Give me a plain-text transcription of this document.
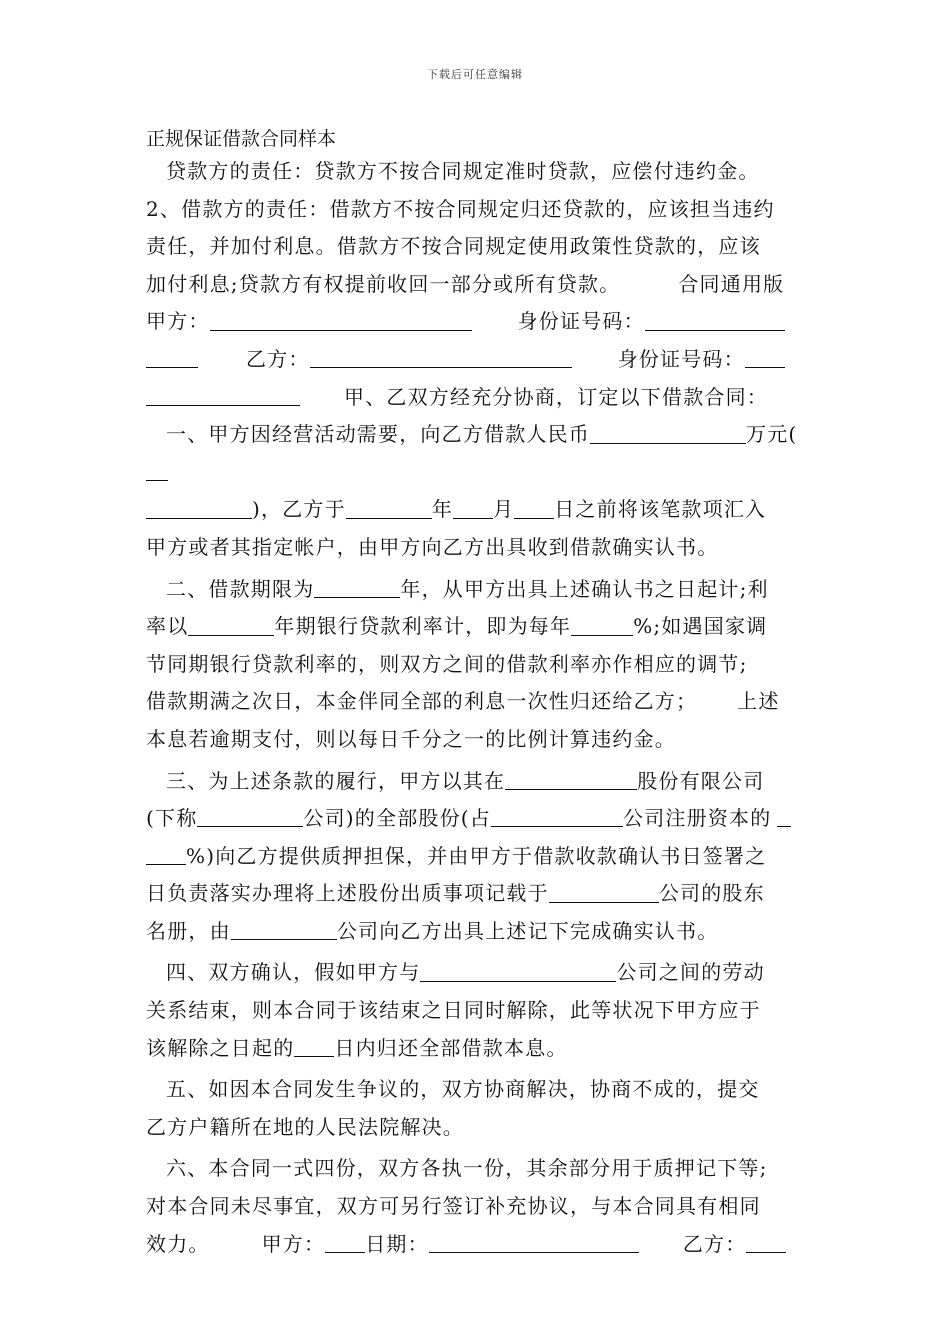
下载后可任意编辑
正规保证借款合同样本

贷款方的责任：贷款方不按合同规定准时贷款，应偿付违约金。

2、借款方的责任：借款方不按合同规定归还贷款的，应该担当违约

责任，并加付利息。借款方不按合同规定使用政策性贷款的，应该

加付利息;贷款方有权提前收回一部分或所有贷款。	合同通用版

甲方：	身份证号码：

乙方：	身份证号码：

甲、乙双方经充分协商，订定以下借款合同：

一、甲方因经营活动需要，向乙方借款人民币	万元(

)，乙方于	年 月 日之前将该笔款项汇入

甲方或者其指定帐户，由甲方向乙方出具收到借款确实认书。

二、借款期限为	年，从甲方出具上述确认书之日起计;利

率以	年期银行贷款利率计，即为每年	%;如遇国家调

节同期银行贷款利率的，则双方之间的借款利率亦作相应的调节;

借款期满之次日，本金伴同全部的利息一次性归还给乙方； 上述

本息若逾期支付，则以每日千分之一的比例计算违约金。

三、为上述条款的履行，甲方以其在	股份有限公司

(下称	公司)的全部股份(占	公司注册资本的

%)向乙方提供质押担保，并由甲方于借款收款确认书日签署之

日负责落实办理将上述股份出质事项记载于	公司的股东

名册，由	公司向乙方出具上述记下完成确实认书。

四、双方确认，假如甲方与	公司之间的劳动

关系结束，则本合同于该结束之日同时解除，此等状况下甲方应于

该解除之日起的 日内归还全部借款本息。

五、如因本合同发生争议的，双方协商解决，协商不成的，提交

乙方户籍所在地的人民法院解决。

六、本合同一式四份，双方各执一份，其余部分用于质押记下等;

对本合同未尽事宜，双方可另行签订补充协议，与本合同具有相同

效力。	甲方： 日期：	乙方：
